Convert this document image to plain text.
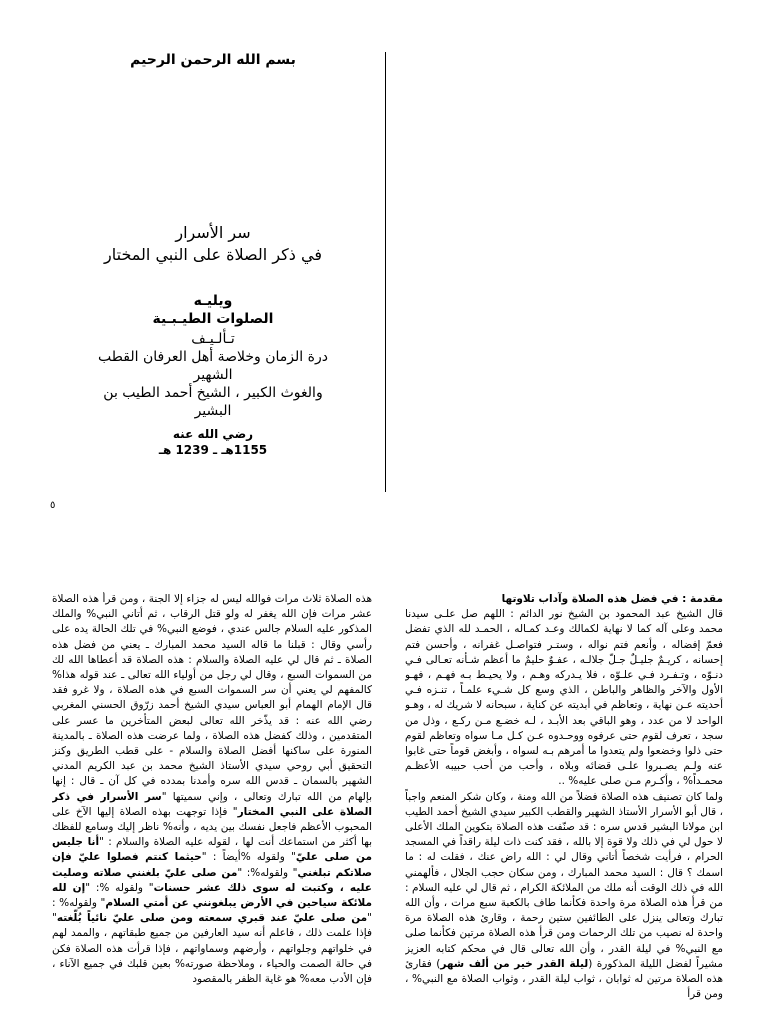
بسم الله الرحمن الرحيم
سر الأسرار
في ذكر الصلاة على النبي المختار
ويليـه
الصلوات الطيـبـية
تـألـيـف
درة الزمان وخلاصة أهل العرفان القطب
الشهير
والغوث الكبير ، الشيخ أحمد الطيب بن
البشير
رضي الله عنه
1155هـ ـ 1239 هـ
٥

مقدمة : في فضل هذه الصلاة وآداب تلاوتها

قال الشيخ عبد المحمود بن الشيخ نور الدائم : اللهم صل علـى سيدنا محمد وعلى آله كما لا نهاية لكمالك وعـد كمـاله ، الحمـد لله الذي تفضل فعمّ إفضاله ، وأنعم فتم نواله ، وستـر فتواصـل غفرانه ، وأحسن فتم إحسانه ، كريـمٌ جليـلٌ جـلّ جلالـه ، عفـوٌ حليمٌ ما أعظم شـأنه تعـالى فـي دنـوّه ، وتـفـرد فـي علـوّه ، فلا يـدركه وهـم ، ولا يحيـط بـه فهـم ، فهـو الأول والآخر والظاهر والباطن ، الذي وسع كل شـيء علمـاً ، تنـزه فـي أحديته عـن نهاية ، وتعاظم في أبديته عن كناية ، سبحانه لا شريك له ، وهـو الواحد لا من عدد ، وهو الباقي بعد الأبـد ، لـه خضـع مـن ركـع ، وذل من سجد ، تعرف لقوم حتى عرفوه ووحـدوه عـن كـل مـا سواه وتعاظم لقوم حتى ذلوا وخضعوا ولم يتعدوا ما أمرهم بـه لسواه ، وأبغض قوماً حتى غابوا عنه ولـم يصـبروا علـى قضائه وبلاه ، وأحب من أحب حبيبه الأعظـم محمـداً% ، وأكـرم مـن صلى عليه% ..

ولما كان تصنيف هذه الصلاة فضلاً من الله ومنة ، وكان شكر المنعم واجباً ، قال أبو الأسرار الأستاذ الشهير والقطب الكبير سيدي الشيخ أحمد الطيب ابن مولانا البشير قدس سره : قد صنّفت هذه الصلاة بتكوين الملك الأعلى لا حول لي في ذلك ولا قوة إلا بالله ، فقد كنت ذات ليلة راقداً في المسجد الحرام ، فرأيت شخصاً أتاني وقال لي : الله راض عنك ، فقلت له : ما اسمك ؟ قال : السيد محمد المبارك ، ومن سكان حجب الجلال ، فألهمني الله في ذلك الوقت أنه ملك من الملائكة الكرام ، ثم قال لي عليه السلام : من قرأ هذه الصلاة مرة واحدة فكأنما طاف بالكعبة سبع مرات ، وأن الله تبارك وتعالى ينزل على الطائفين ستين رحمة ، وقارئ هذه الصلاة مرة واحدة له نصيب من تلك الرحمات ومن قرأ هذه الصلاة مرتين فكأنما صلى مع النبي% في ليلة القدر ، وأن الله تعالى قال في محكم كتابه العزيز مشيراً لفضل الليلة المذكورة (ليلة القدر خير من ألف شهر) فقارئ هذه الصلاة مرتين له ثوابان ، ثواب ليلة القدر ، وثواب الصلاة مع النبي% ، ومن قرأ

هذه الصلاة ثلاث مرات فوالله ليس له جزاء إلا الجنة ، ومن قرأ هذه الصلاة عشر مرات فإن الله يغفر له ولو قتل الرقاب ، ثم أتاني النبي% والملك المذكور عليه السلام جالس عندي ، فوضع النبي% في تلك الحالة يده على رأسي وقال : قبلنا ما قاله السيد محمد المبارك ـ يعني من فضل هذه الصلاة ـ ثم قال لي عليه الصلاة والسلام : هذه الصلاة قد أعطاها الله لك من السموات السبع ، وقال لي رجل من أولياء الله تعالى ـ عند قوله هذا% كالمفهم لي يعني أن سر السموات السبع في هذه الصلاة ، ولا غرو فقد قال الإمام الهمام أبو العباس سيدي الشيخ أحمد زرّوق الحسني المغربي رضي الله عنه : قد يذّخر الله تعالى لبعض المتأخرين ما عسر على المتقدمين ، وذلك كفضل هذه الصلاة ، ولما عرضت هذه الصلاة ـ بالمدينة المنورة على ساكنها أفضل الصلاة والسلام - على قطب الطريق وكنز التحقيق أبي روحي سيدي الأستاذ الشيخ محمد بن عبد الكريم المدني الشهير بالسمان ـ قدس الله سره وأمدنا بمدده في كل آن ـ قال : إنها بإلهام من الله تبارك وتعالى ، وإني سميتها "سر الأسرار في ذكر الصلاة على النبي المختار" فإذا توجهت بهذه الصلاة إليها الآخ على المحبوب الأعظم فاجعل نفسك بين يديه ، وأنه% ناظر إليك وسامع للفظك بها أكثر من استماعك أنت لها ، لقوله عليه الصلاة والسلام : "أنا جليس من صلى عليّ" ولقوله %أيضاً : "حيثما كنتم فصلوا عليّ فإن صلاتكم تبلغني" ولقوله%: "من صلى عليّ بلغنني صلاته وصليت عليه ، وكتبت له سوى ذلك عشر حسنات" ولقوله %: "إن لله ملائكة سياحين في الأرض يبلغونني عن أمتي السلام" ولقوله% : "من صلى عليّ عند قبري سمعته ومن صلى عليّ نائياً بُلّغته" فإذا علمت ذلك ، فاعلم أنه سيد العارفين من جميع طبقاتهم ، والممد لهم في خلواتهم وجلواتهم ، وأرضهم وسماواتهم ، فإذا قرأت هذه الصلاة فكن في حالة الصمت والحياء ، وملاحظة صورته% بعين قلبك في جميع الآناء ، فإن الأدب معه% هو غاية الظفر بالمقصود
